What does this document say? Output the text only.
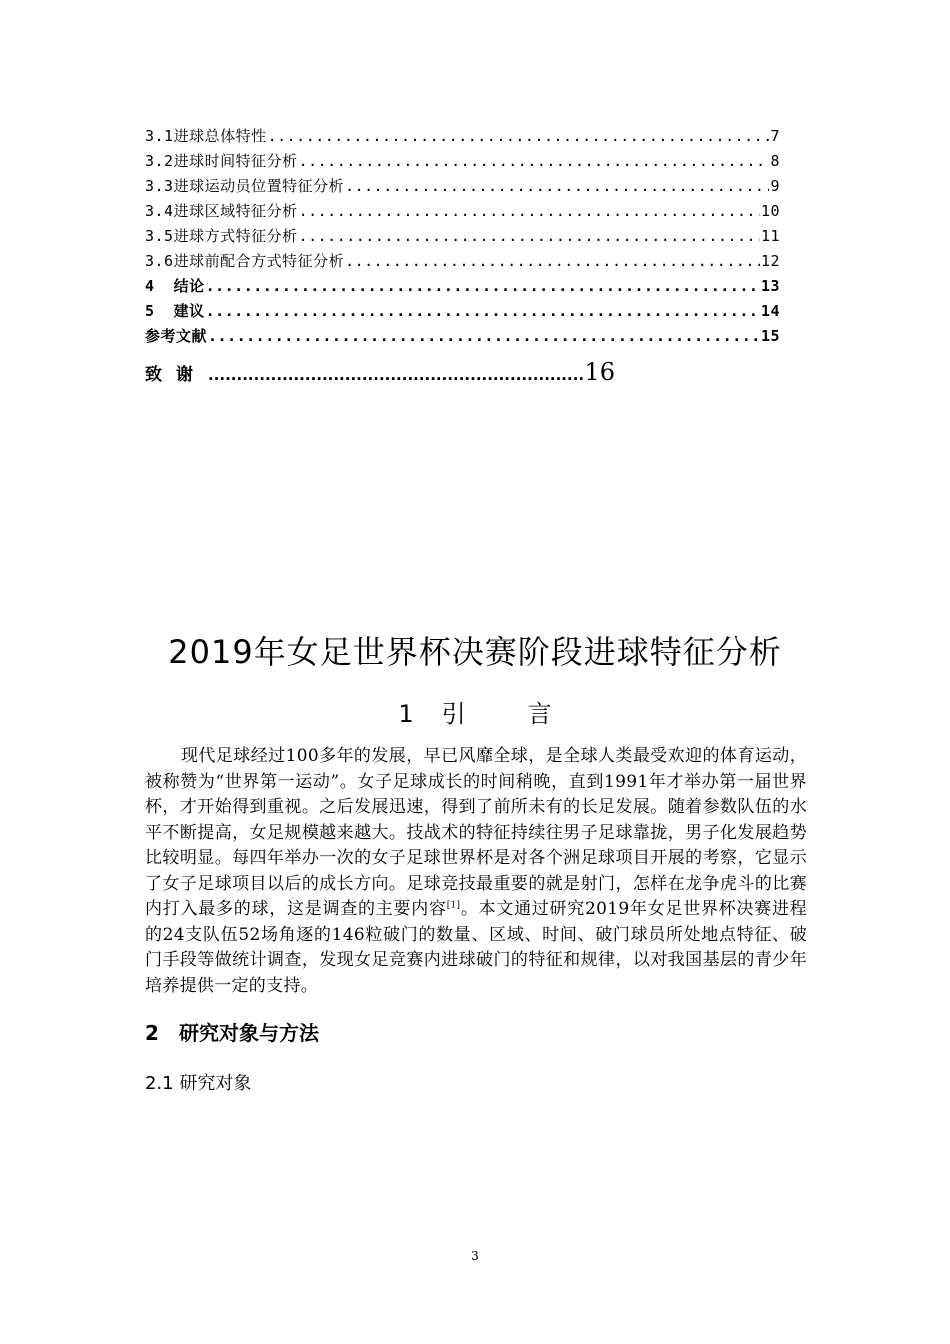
3.1进球总体特性 .....	7
3.2进球时间特征分析 .....	8
3.3进球运动员位置特征分析 .....	9
3.4进球区域特征分析 .....	10
3.5进球方式特征分析 .....	11
3.6进球前配合方式特征分析 .....	12
4  结论 .....	13
5  建议 .....	14
参考文献 .....	15
致谢 .....	16
2019年女足世界杯决赛阶段进球特征分析
1 引	言
现代足球经过100多年的发展，早已风靡全球，是全球人类最受欢迎的体育运动，被称赞为“世界第一运动”。女子足球成长的时间稍晚，直到1991年才举办第一届世界杯，才开始得到重视。之后发展迅速，得到了前所未有的长足发展。随着参数队伍的水平不断提高，女足规模越来越大。技战术的特征持续往男子足球靠拢，男子化发展趋势比较明显。每四年举办一次的女子足球世界杯是对各个洲足球项目开展的考察，它显示了女子足球项目以后的成长方向。足球竞技最重要的就是射门，怎样在龙争虎斗的比赛内打入最多的球，这是调查的主要内容[1]。本文通过研究2019年女足世界杯决赛进程的24支队伍52场角逐的146粒破门的数量、区域、时间、破门球员所处地点特征、破门手段等做统计调查，发现女足竞赛内进球破门的特征和规律，以对我国基层的青少年培养提供一定的支持。
2 研究对象与方法
2.1 研究对象
3
